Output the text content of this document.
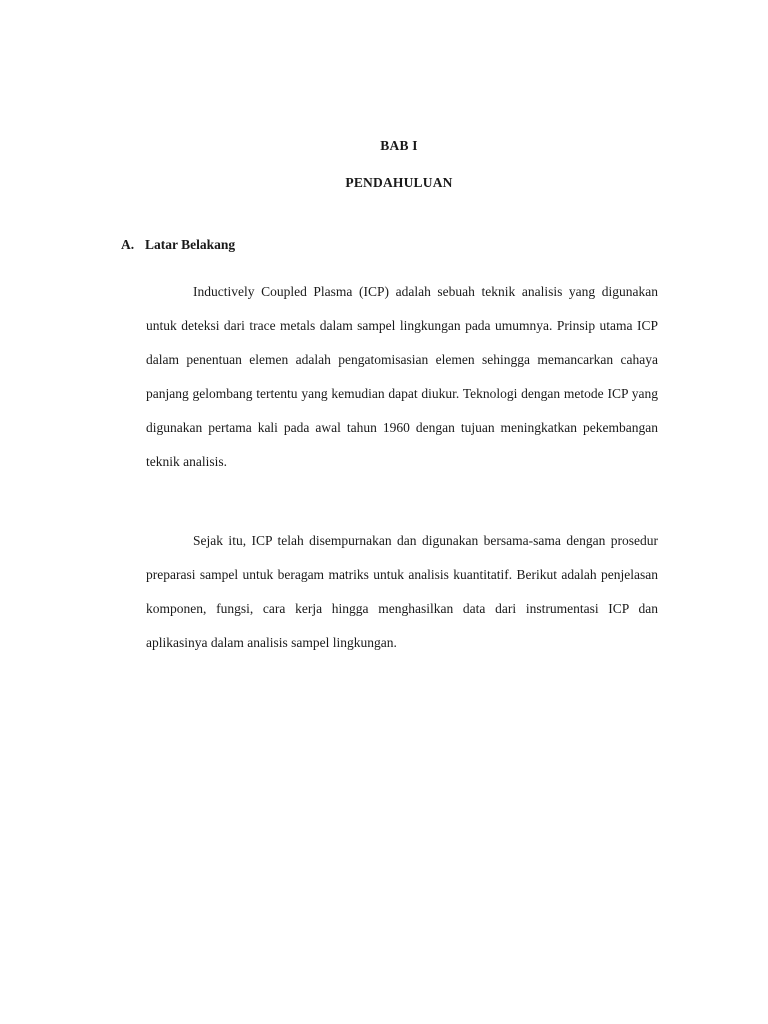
BAB I
PENDAHULUAN
A. Latar Belakang

Inductively Coupled Plasma (ICP) adalah sebuah teknik analisis yang digunakan untuk deteksi dari trace metals dalam sampel lingkungan pada umumnya. Prinsip utama ICP dalam penentuan elemen adalah pengatomisasian elemen sehingga memancarkan cahaya panjang gelombang tertentu yang kemudian dapat diukur. Teknologi dengan metode ICP yang digunakan pertama kali pada awal tahun 1960 dengan tujuan meningkatkan pekembangan teknik analisis.

Sejak itu, ICP telah disempurnakan dan digunakan bersama-sama dengan prosedur preparasi sampel untuk beragam matriks untuk analisis kuantitatif. Berikut adalah penjelasan komponen, fungsi, cara kerja hingga menghasilkan data dari instrumentasi ICP dan aplikasinya dalam analisis sampel lingkungan.
